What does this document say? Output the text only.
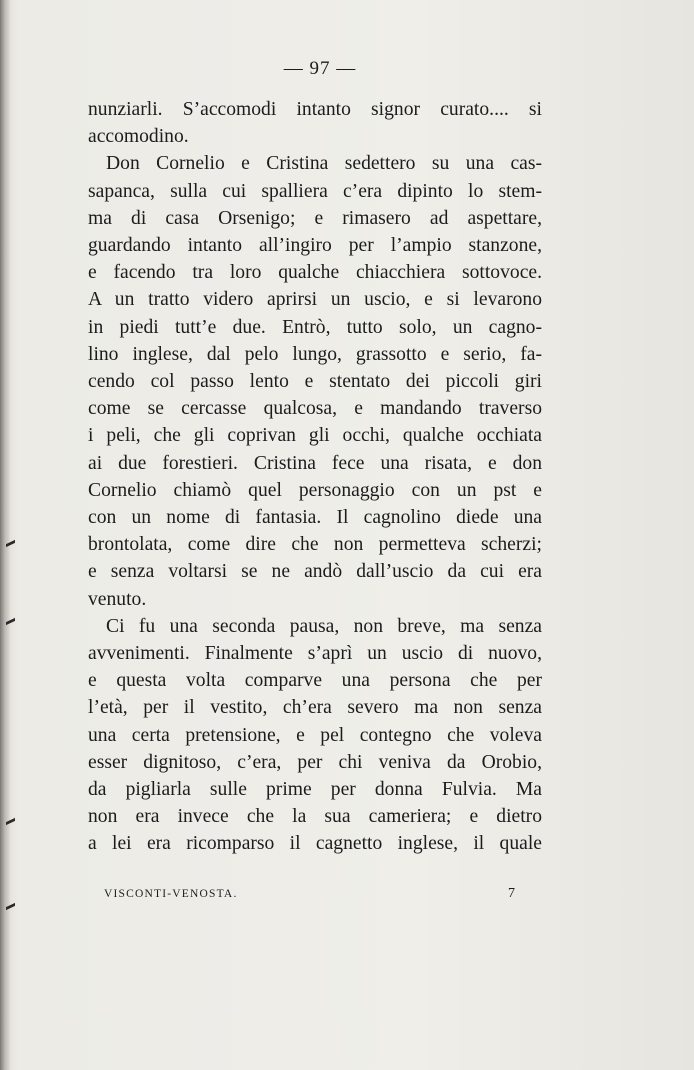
— 97 —
nunziarli. S’accomodi intanto signor curato.... si
accomodino.
Don Cornelio e Cristina sedettero su una cas-
sapanca, sulla cui spalliera c’era dipinto lo stem-
ma di casa Orsenigo; e rimasero ad aspettare,
guardando intanto all’ingiro per l’ampio stanzone,
e facendo tra loro qualche chiacchiera sottovoce.
A un tratto videro aprirsi un uscio, e si levarono
in piedi tutt’e due. Entrò, tutto solo, un cagno-
lino inglese, dal pelo lungo, grassotto e serio, fa-
cendo col passo lento e stentato dei piccoli giri
come se cercasse qualcosa, e mandando traverso
i peli, che gli coprivan gli occhi, qualche occhiata
ai due forestieri. Cristina fece una risata, e don
Cornelio chiamò quel personaggio con un pst e
con un nome di fantasia. Il cagnolino diede una
brontolata, come dire che non permetteva scherzi;
e senza voltarsi se ne andò dall’uscio da cui era
venuto.
Ci fu una seconda pausa, non breve, ma senza
avvenimenti. Finalmente s’aprì un uscio di nuovo,
e questa volta comparve una persona che per
l’età, per il vestito, ch’era severo ma non senza
una certa pretensione, e pel contegno che voleva
esser dignitoso, c’era, per chi veniva da Orobio,
da pigliarla sulle prime per donna Fulvia. Ma
non era invece che la sua cameriera; e dietro
a lei era ricomparso il cagnetto inglese, il quale
VISCONTI-VENOSTA.	7
